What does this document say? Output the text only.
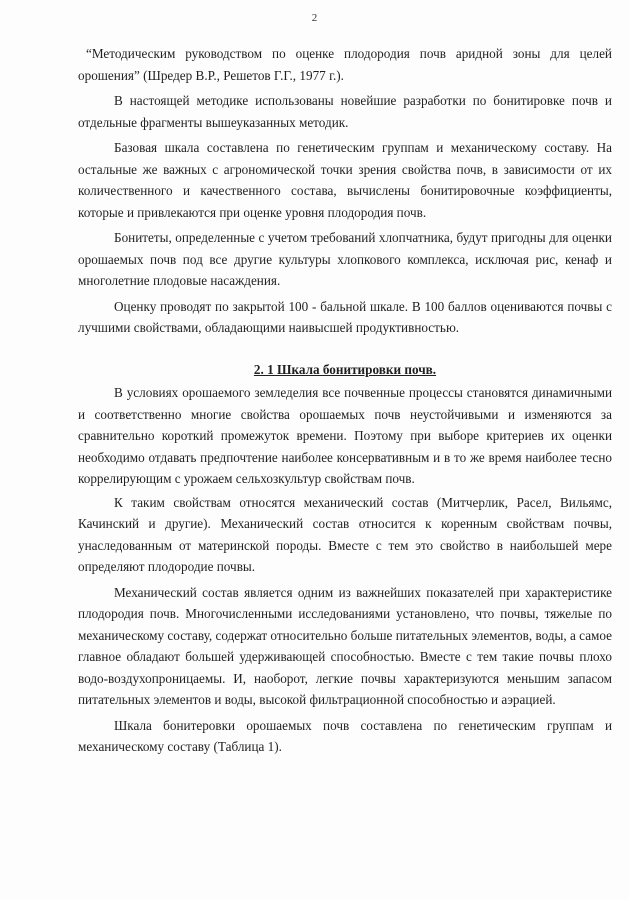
2

“Методическим руководством по оценке плодородия почв аридной зоны для целей орошения” (Шредер В.Р., Решетов Г.Г., 1977 г.).

В настоящей методике использованы новейшие разработки по бонитировке почв и отдельные фрагменты вышеуказанных методик.

Базовая шкала составлена по генетическим группам и механическому составу. На остальные же важных с агрономической точки зрения свойства почв, в зависимости от их количественного и качественного состава, вычислены бонитировочные коэффициенты, которые и привлекаются при оценке уровня плодородия почв.

Бонитеты, определенные с учетом требований хлопчатника, будут пригодны для оценки орошаемых почв под все другие культуры хлопкового комплекса, исключая рис, кенаф и многолетние плодовые насаждения.

Оценку проводят по закрытой 100 - бальной шкале. В 100 баллов оцениваются почвы с лучшими свойствами, обладающими наивысшей продуктивностью.

2. 1 Шкала бонитировки почв.

В условиях орошаемого земледелия все почвенные процессы становятся динамичными и соответственно многие свойства орошаемых почв неустойчивыми и изменяются за сравнительно короткий промежуток времени. Поэтому при выборе критериев их оценки необходимо отдавать предпочтение наиболее консервативным и в то же время наиболее тесно коррелирующим с урожаем сельхозкультур свойствам почв.

К таким свойствам относятся механический состав (Митчерлик, Расел, Вильямс, Качинский и другие). Механический состав относится к коренным свойствам почвы, унаследованным от материнской породы. Вместе с тем это свойство в наибольшей мере определяют плодородие почвы.

Механический состав является одним из важнейших показателей при характеристике плодородия почв. Многочисленными исследованиями установлено, что почвы, тяжелые по механическому составу, содержат относительно больше питательных элементов, воды, а самое главное обладают большей удерживающей способностью. Вместе с тем такие почвы плохо водо-воздухопроницаемы. И, наоборот, легкие почвы характеризуются меньшим запасом питательных элементов и воды, высокой фильтрационной способностью и аэрацией.

Шкала бонитеровки орошаемых почв составлена по генетическим группам и механическому составу (Таблица 1).
